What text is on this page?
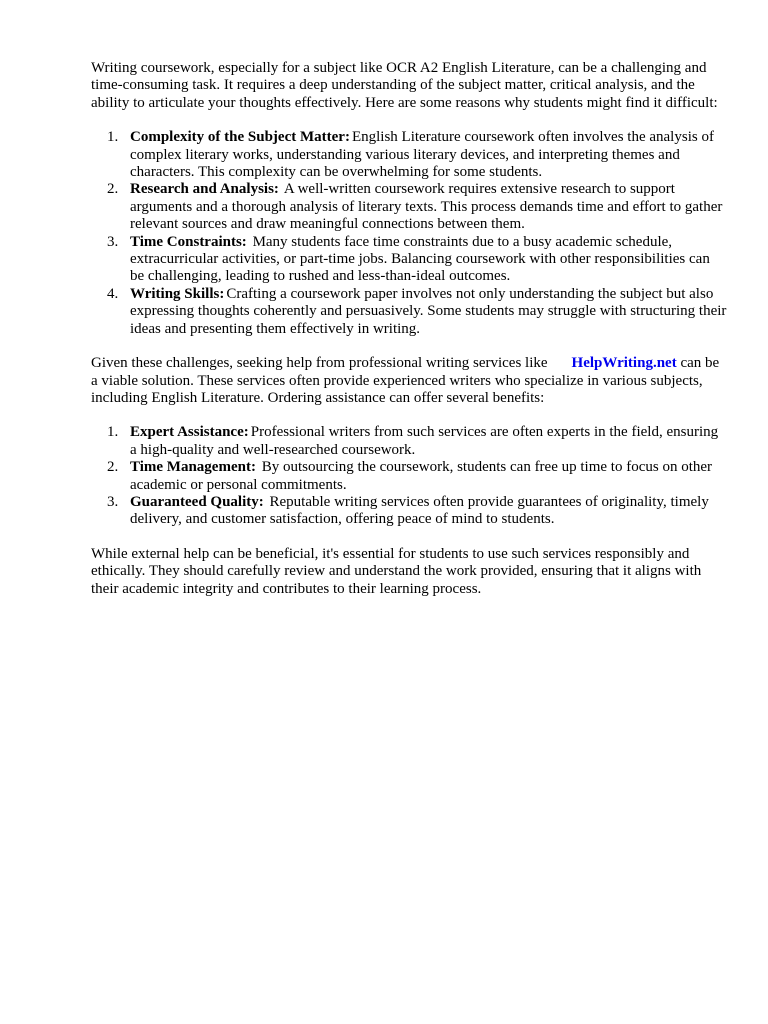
Writing coursework, especially for a subject like OCR A2 English Literature, can be a challenging and time-consuming task. It requires a deep understanding of the subject matter, critical analysis, and the ability to articulate your thoughts effectively. Here are some reasons why students might find it difficult:

1. Complexity of the Subject Matter: English Literature coursework often involves the analysis of complex literary works, understanding various literary devices, and interpreting themes and characters. This complexity can be overwhelming for some students.
2. Research and Analysis: A well-written coursework requires extensive research to support arguments and a thorough analysis of literary texts. This process demands time and effort to gather relevant sources and draw meaningful connections between them.
3. Time Constraints: Many students face time constraints due to a busy academic schedule, extracurricular activities, or part-time jobs. Balancing coursework with other responsibilities can be challenging, leading to rushed and less-than-ideal outcomes.
4. Writing Skills: Crafting a coursework paper involves not only understanding the subject but also expressing thoughts coherently and persuasively. Some students may struggle with structuring their ideas and presenting them effectively in writing.

Given these challenges, seeking help from professional writing services like HelpWriting.net can be a viable solution. These services often provide experienced writers who specialize in various subjects, including English Literature. Ordering assistance can offer several benefits:

1. Expert Assistance: Professional writers from such services are often experts in the field, ensuring a high-quality and well-researched coursework.
2. Time Management: By outsourcing the coursework, students can free up time to focus on other academic or personal commitments.
3. Guaranteed Quality: Reputable writing services often provide guarantees of originality, timely delivery, and customer satisfaction, offering peace of mind to students.

While external help can be beneficial, it's essential for students to use such services responsibly and ethically. They should carefully review and understand the work provided, ensuring that it aligns with their academic integrity and contributes to their learning process.
